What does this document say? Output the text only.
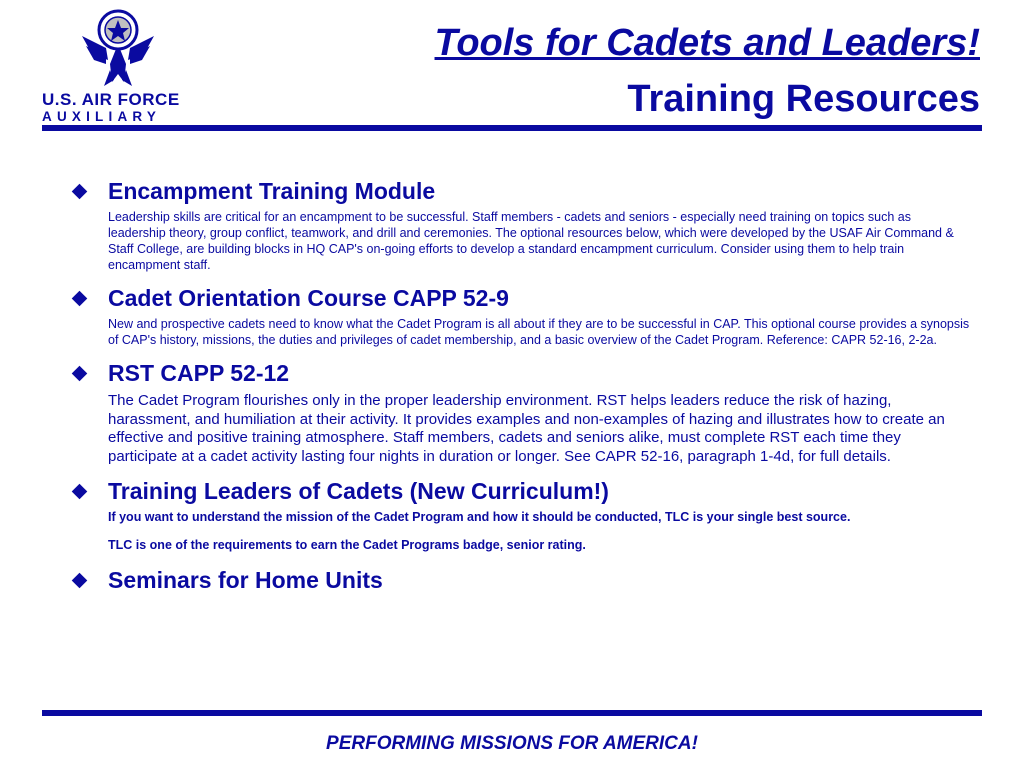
U.S. AIR FORCE
AUXILIARY
Tools for Cadets and Leaders!
Training Resources
Encampment Training Module
Leadership skills are critical for an encampment to be successful. Staff members - cadets and seniors - especially need training on topics such as leadership theory, group conflict, teamwork, and drill and ceremonies. The optional resources below, which were developed by the USAF Air Command & Staff College, are building blocks in HQ CAP's on-going efforts to develop a standard encampment curriculum. Consider using them to help train encampment staff.
Cadet Orientation Course CAPP 52-9
New and prospective cadets need to know what the Cadet Program is all about if they are to be successful in CAP. This optional course provides a synopsis of CAP's history, missions, the duties and privileges of cadet membership, and a basic overview of the Cadet Program. Reference: CAPR 52-16, 2-2a.
RST CAPP 52-12
The Cadet Program flourishes only in the proper leadership environment. RST helps leaders reduce the risk of hazing, harassment, and humiliation at their activity. It provides examples and non-examples of hazing and illustrates how to create an effective and positive training atmosphere. Staff members, cadets and seniors alike, must complete RST each time they participate at a cadet activity lasting four nights in duration or longer. See CAPR 52-16, paragraph 1-4d, for full details.
Training Leaders of Cadets (New Curriculum!)
If you want to understand the mission of the Cadet Program and how it should be conducted, TLC is your single best source.
TLC is one of the requirements to earn the Cadet Programs badge, senior rating.
Seminars for Home Units
PERFORMING MISSIONS FOR AMERICA!
